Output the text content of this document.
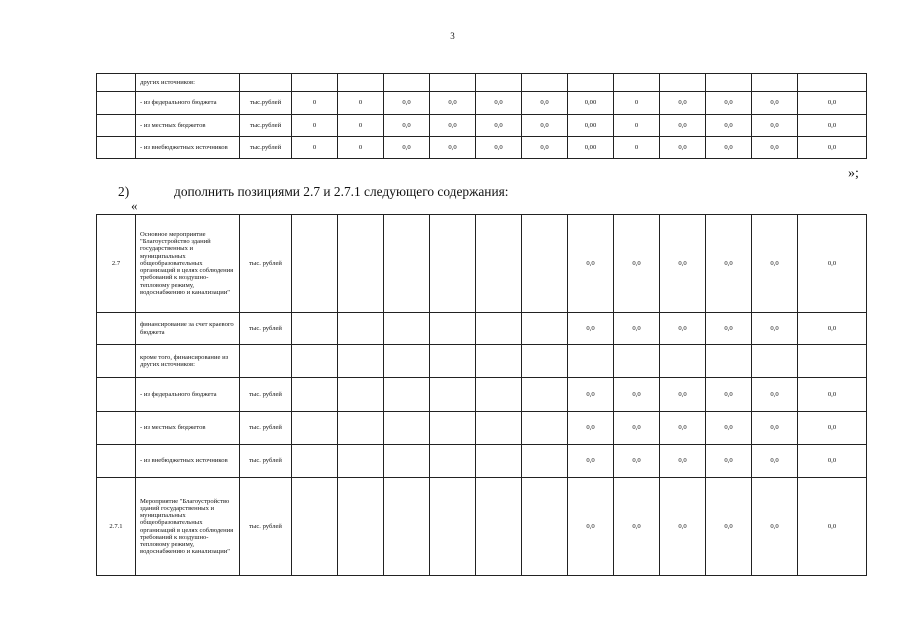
3
	других источников:													
	- из федерального бюджета	тыс.рублей	0	0	0,0	0,0	0,0	0,0	0,00	0	0,0	0,0	0,0	0,0
	- из местных бюджетов	тыс.рублей	0	0	0,0	0,0	0,0	0,0	0,00	0	0,0	0,0	0,0	0,0
	- из внебюджетных источников	тыс.рублей	0	0	0,0	0,0	0,0	0,0	0,00	0	0,0	0,0	0,0	0,0
»;
2)	дополнить позициями 2.7 и 2.7.1 следующего содержания:
«
2.7	Основное мероприятие "Благоустройство зданий государственных и муниципальных общеобразовательных организаций в целях соблюдения требований к воздушно-тепловому режиму, водоснабжению и канализации"	тыс. рублей							0,0	0,0	0,0	0,0	0,0	0,0
	финансирование за счет краевого бюджета	тыс. рублей							0,0	0,0	0,0	0,0	0,0	0,0
	кроме того, финансирование из других источников:													
	- из федерального бюджета	тыс. рублей							0,0	0,0	0,0	0,0	0,0	0,0
	- из местных бюджетов	тыс. рублей							0,0	0,0	0,0	0,0	0,0	0,0
	- из внебюджетных источников	тыс. рублей							0,0	0,0	0,0	0,0	0,0	0,0
2.7.1	Мероприятие "Благоустройство зданий государственных и муниципальных общеобразовательных организаций в целях соблюдения требований к воздушно-тепловому режиму, водоснабжению и канализации"	тыс. рублей							0,0	0,0	0,0	0,0	0,0	0,0
